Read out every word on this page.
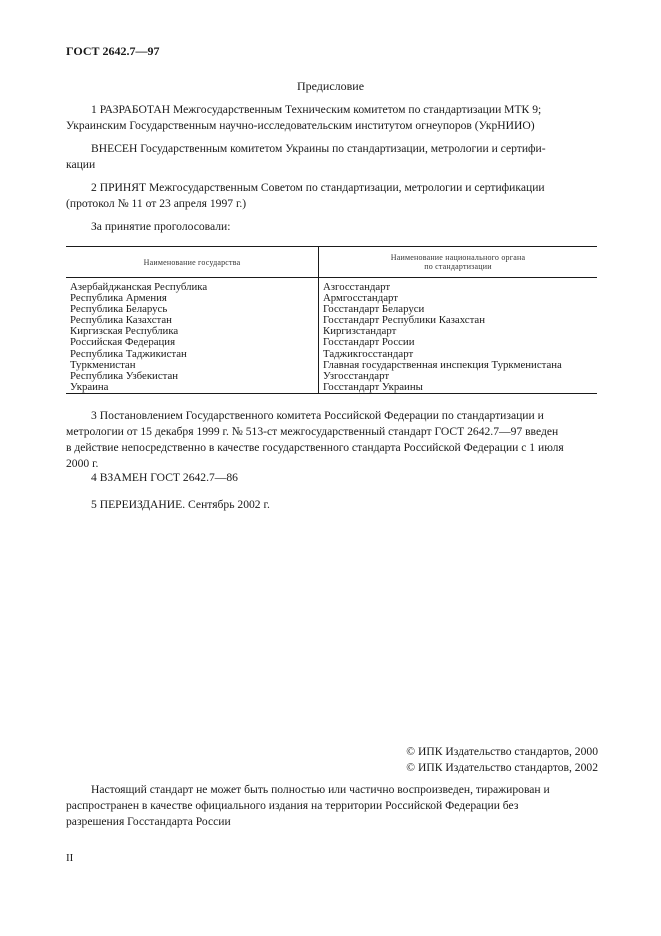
ГОСТ 2642.7—97
Предисловие
1 РАЗРАБОТАН Межгосударственным Техническим комитетом по стандартизации МТК 9;
Украинским Государственным научно-исследовательским институтом огнеупоров (УкрНИИО)
ВНЕСЕН Государственным комитетом Украины по стандартизации, метрологии и сертифи-
кации
2 ПРИНЯТ Межгосударственным Советом по стандартизации, метрологии и сертификации
(протокол № 11 от 23 апреля 1997 г.)
За принятие проголосовали:
Наименование государства	Наименование национального органа
по стандартизации
Азербайджанская Республика	Азгосстандарт
Республика Армения	Армгосстандарт
Республика Беларусь	Госстандарт Беларуси
Республика Казахстан	Госстандарт Республики Казахстан
Киргизская Республика	Киргизстандарт
Российская Федерация	Госстандарт России
Республика Таджикистан	Таджикгосстандарт
Туркменистан	Главная государственная инспекция Туркменистана
Республика Узбекистан	Узгосстандарт
Украина	Госстандарт Украины
3 Постановлением Государственного комитета Российской Федерации по стандартизации и
метрологии от 15 декабря 1999 г. № 513-ст межгосударственный стандарт ГОСТ 2642.7—97 введен
в действие непосредственно в качестве государственного стандарта Российской Федерации с 1 июля
2000 г.
4 ВЗАМЕН ГОСТ 2642.7—86
5 ПЕРЕИЗДАНИЕ. Сентябрь 2002 г.
© ИПК Издательство стандартов, 2000
© ИПК Издательство стандартов, 2002
Настоящий стандарт не может быть полностью или частично воспроизведен, тиражирован и
распространен в качестве официального издания на территории Российской Федерации без
разрешения Госстандарта России
II
